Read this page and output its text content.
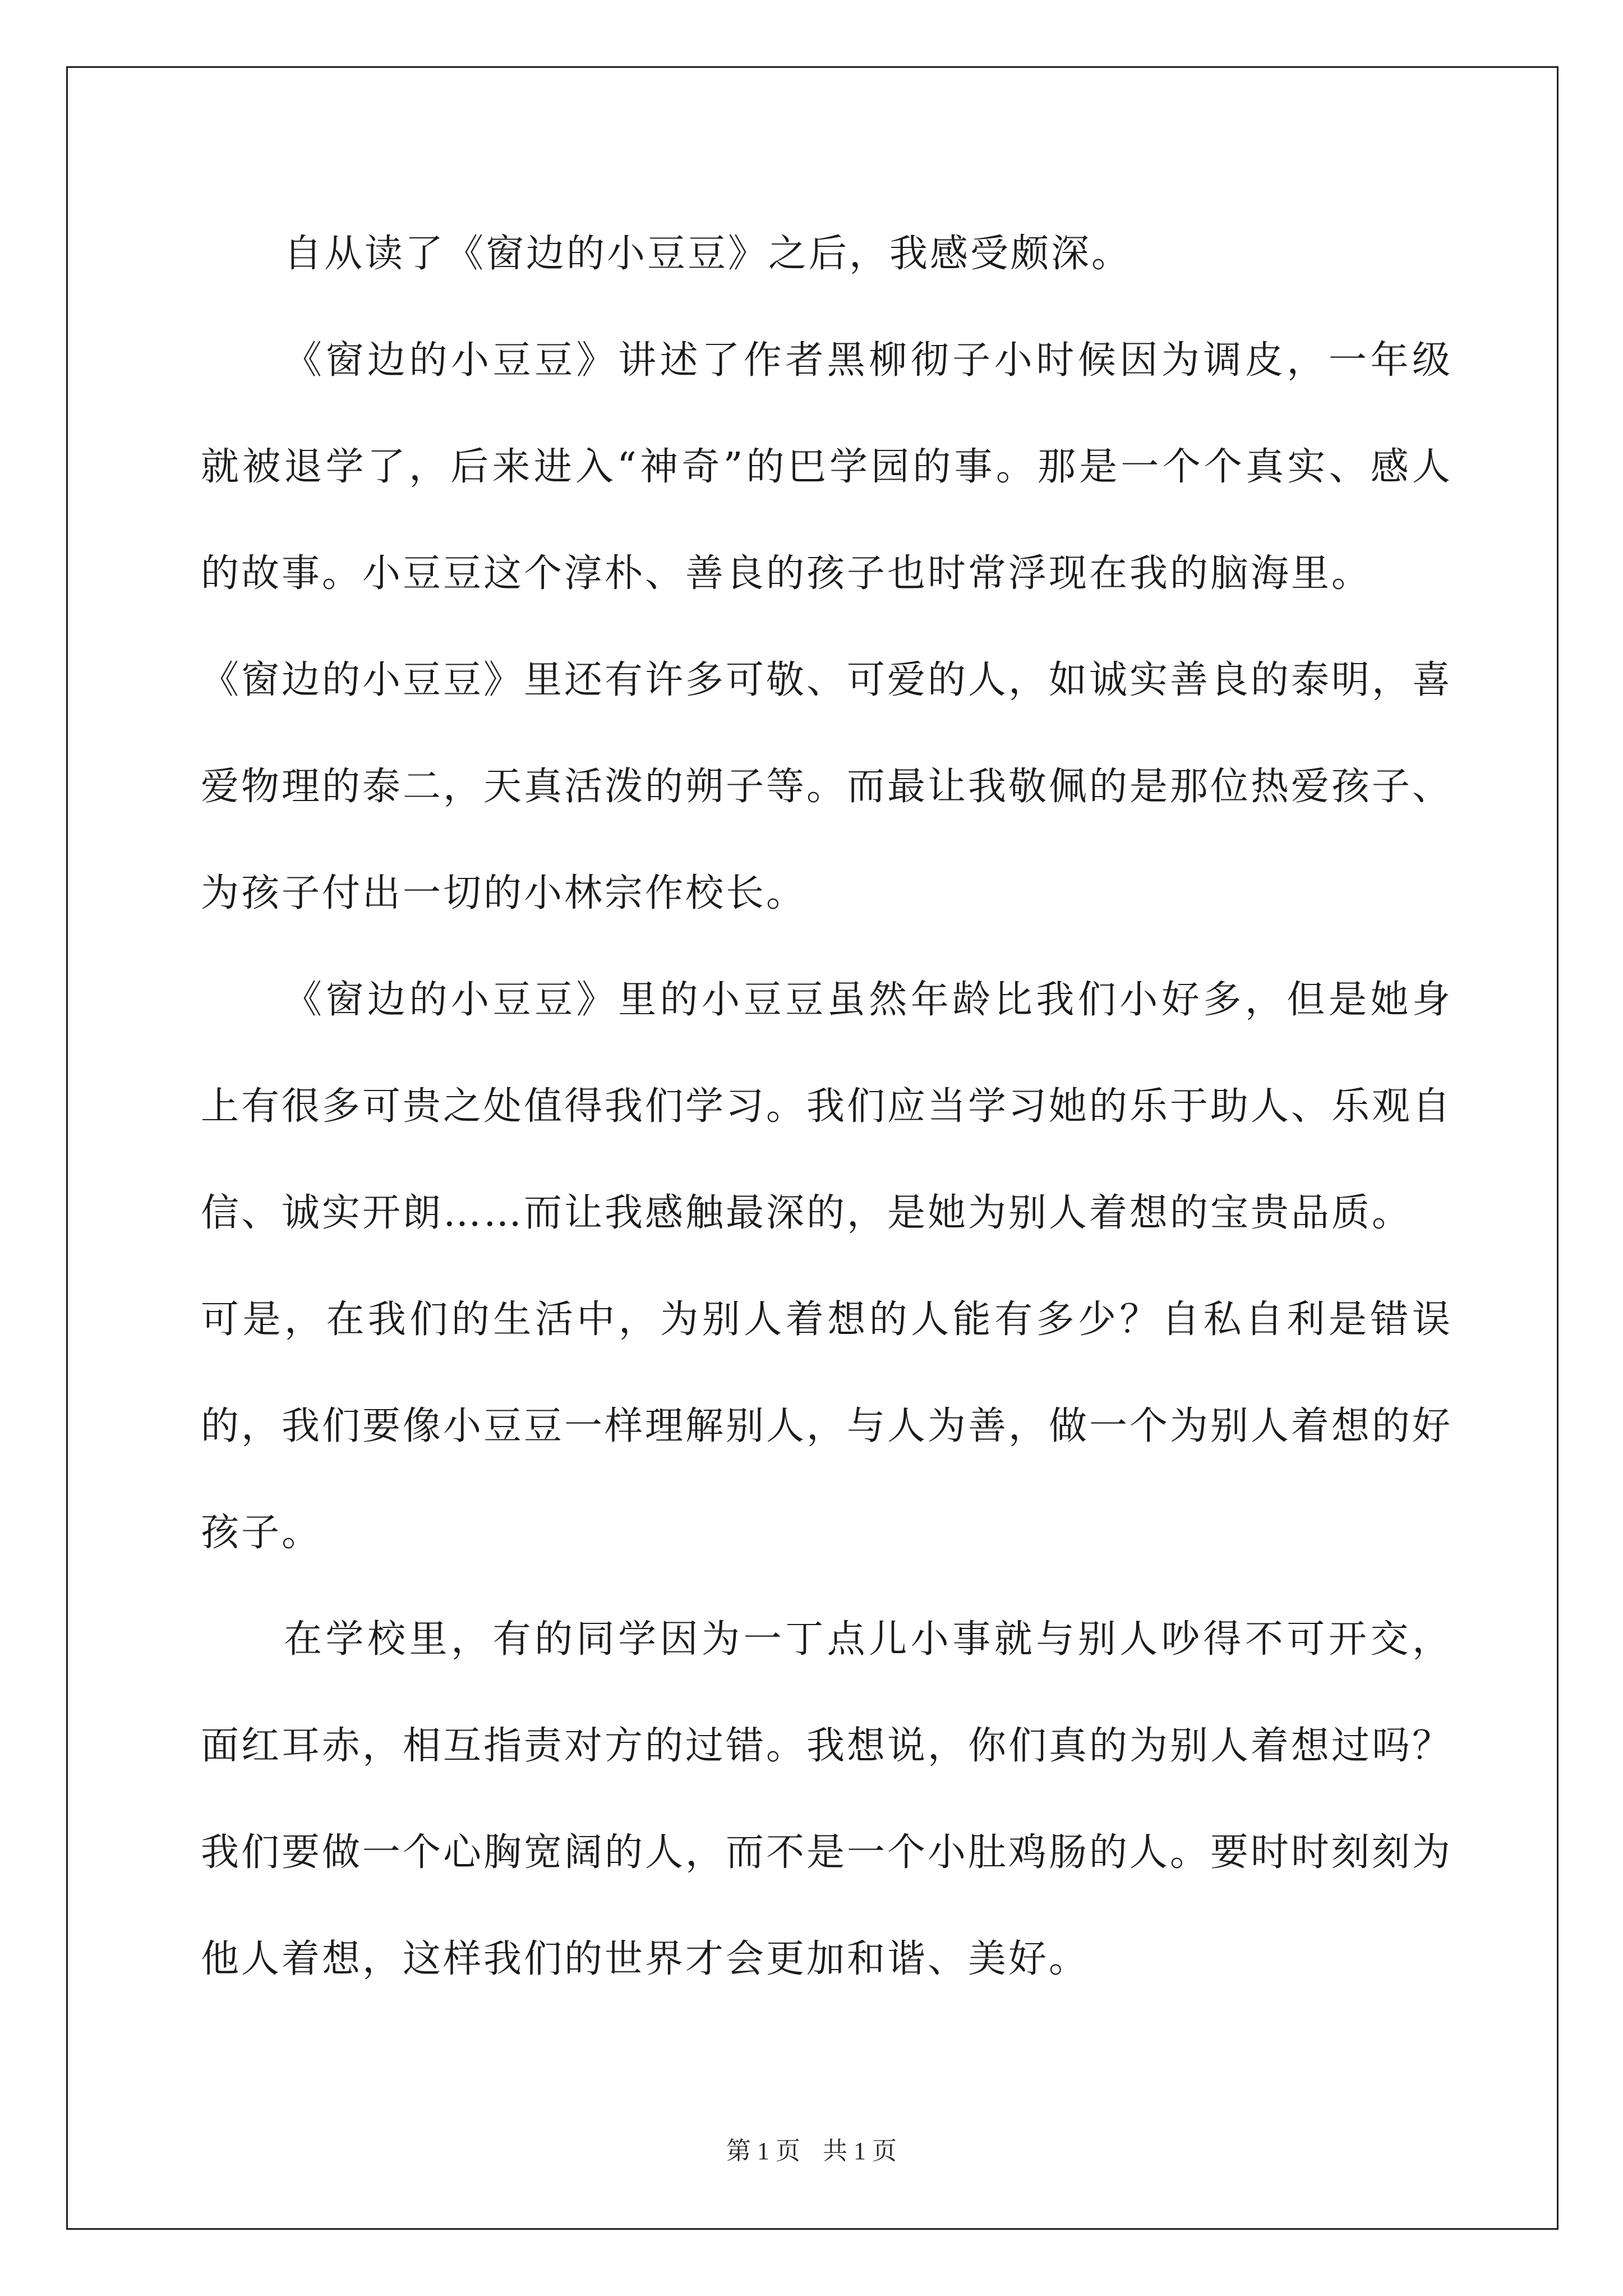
自从读了《窗边的小豆豆》之后，我感受颇深。

《窗边的小豆豆》讲述了作者黑柳彻子小时候因为调皮，一年级就被退学了，后来进入“神奇”的巴学园的事。那是一个个真实、感人的故事。小豆豆这个淳朴、善良的孩子也时常浮现在我的脑海里。

《窗边的小豆豆》里还有许多可敬、可爱的人，如诚实善良的泰明，喜爱物理的泰二，天真活泼的朔子等。而最让我敬佩的是那位热爱孩子、为孩子付出一切的小林宗作校长。

《窗边的小豆豆》里的小豆豆虽然年龄比我们小好多，但是她身上有很多可贵之处值得我们学习。我们应当学习她的乐于助人、乐观自信、诚实开朗……而让我感触最深的，是她为别人着想的宝贵品质。

可是，在我们的生活中，为别人着想的人能有多少？自私自利是错误的，我们要像小豆豆一样理解别人，与人为善，做一个为别人着想的好孩子。

在学校里，有的同学因为一丁点儿小事就与别人吵得不可开交，面红耳赤，相互指责对方的过错。我想说，你们真的为别人着想过吗？我们要做一个心胸宽阔的人，而不是一个小肚鸡肠的人。要时时刻刻为他人着想，这样我们的世界才会更加和谐、美好。

第 1 页 共 1 页
